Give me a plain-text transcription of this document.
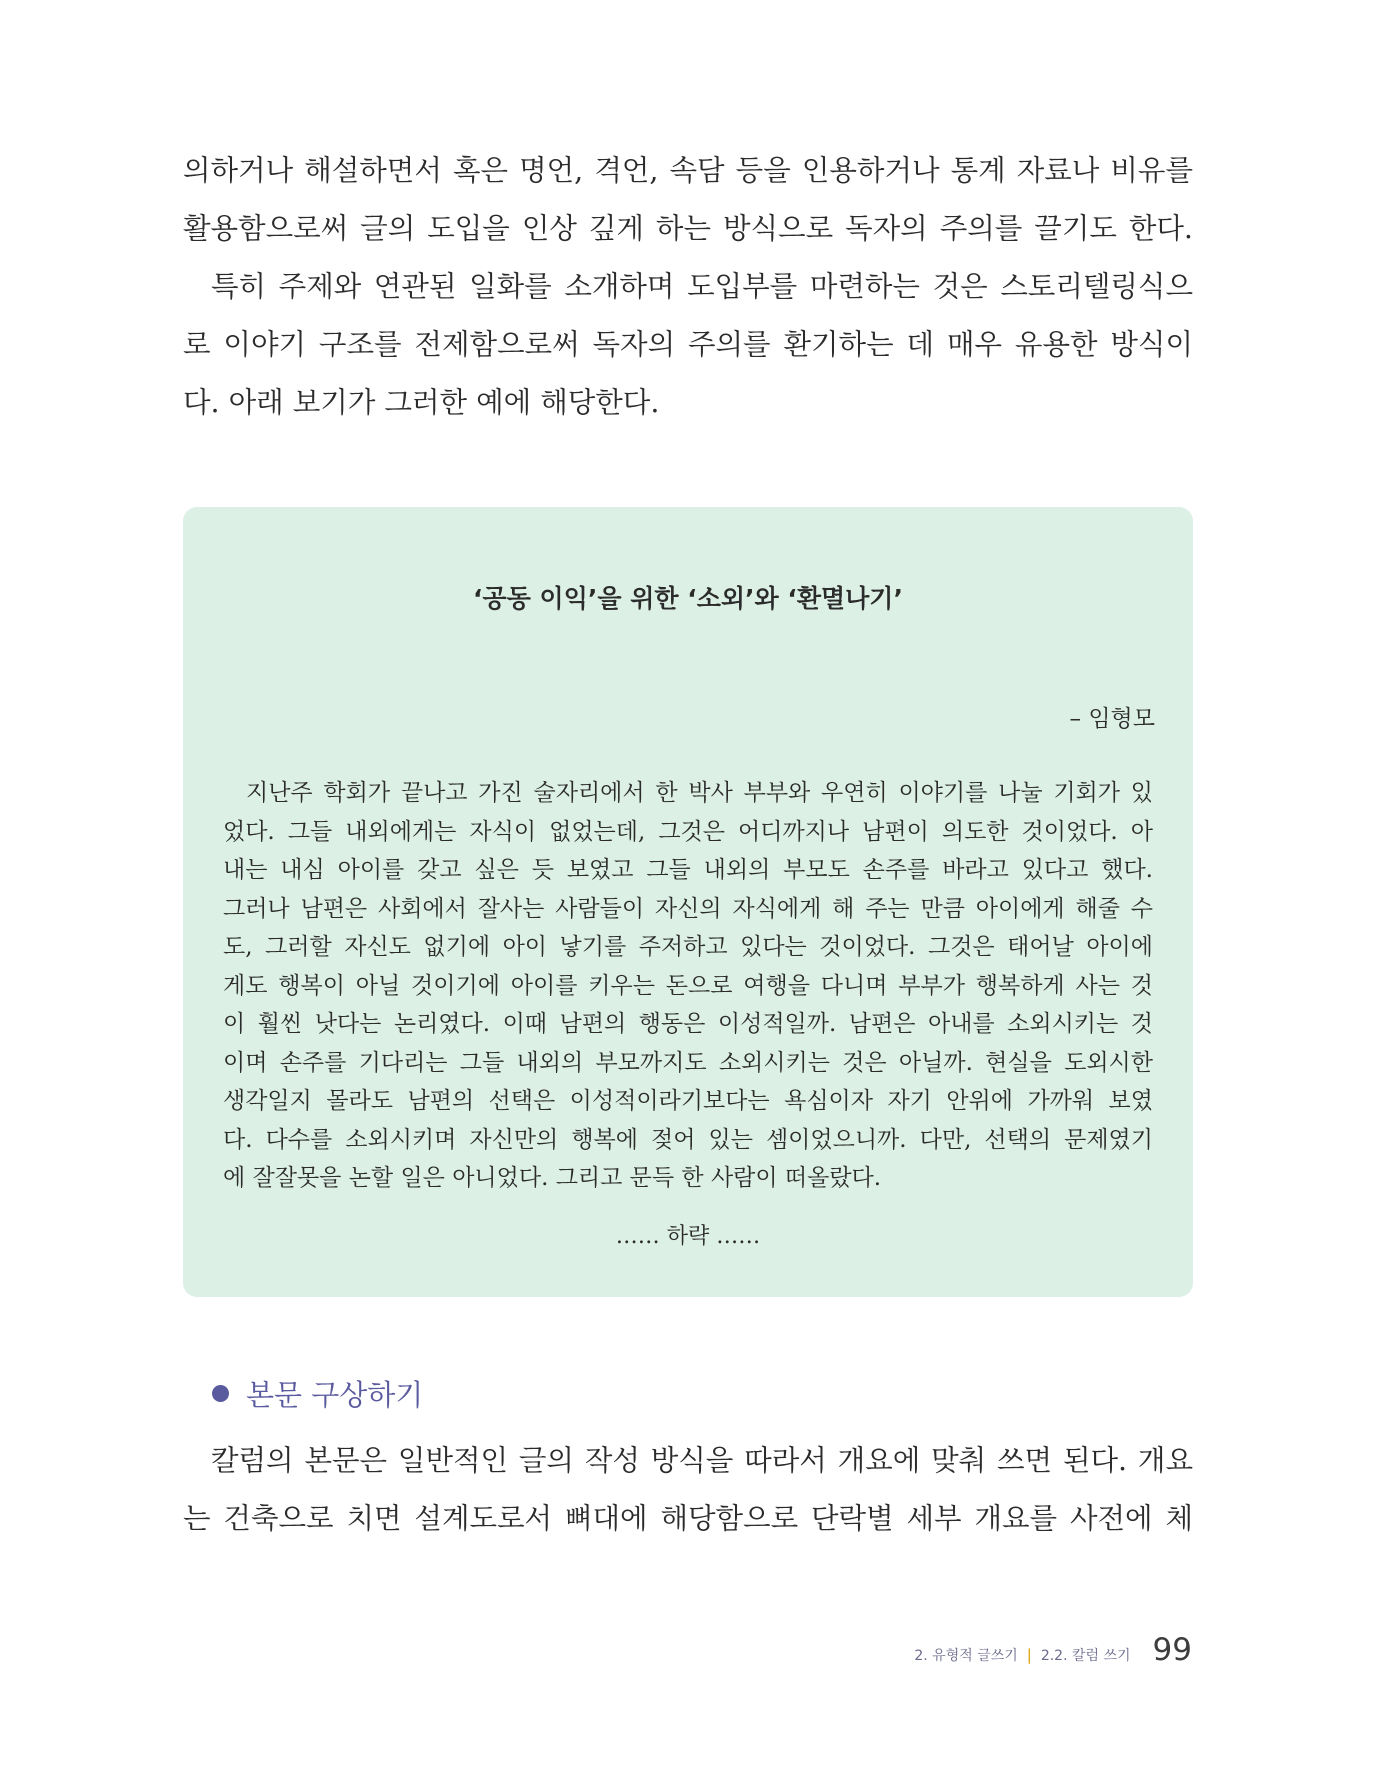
의하거나 해설하면서 혹은 명언, 격언, 속담 등을 인용하거나 통계 자료나 비유를

활용함으로써 글의 도입을 인상 깊게 하는 방식으로 독자의 주의를 끌기도 한다.

특히 주제와 연관된 일화를 소개하며 도입부를 마련하는 것은 스토리텔링식으

로 이야기 구조를 전제함으로써 독자의 주의를 환기하는 데 매우 유용한 방식이

다. 아래 보기가 그러한 예에 해당한다.

‘공동 이익’을 위한 ‘소외’와 ‘환멸나기’
– 임형모

지난주 학회가 끝나고 가진 술자리에서 한 박사 부부와 우연히 이야기를 나눌 기회가 있

었다. 그들 내외에게는 자식이 없었는데, 그것은 어디까지나 남편이 의도한 것이었다. 아

내는 내심 아이를 갖고 싶은 듯 보였고 그들 내외의 부모도 손주를 바라고 있다고 했다.

그러나 남편은 사회에서 잘사는 사람들이 자신의 자식에게 해 주는 만큼 아이에게 해줄 수

도, 그러할 자신도 없기에 아이 낳기를 주저하고 있다는 것이었다. 그것은 태어날 아이에

게도 행복이 아닐 것이기에 아이를 키우는 돈으로 여행을 다니며 부부가 행복하게 사는 것

이 훨씬 낫다는 논리였다. 이때 남편의 행동은 이성적일까. 남편은 아내를 소외시키는 것

이며 손주를 기다리는 그들 내외의 부모까지도 소외시키는 것은 아닐까. 현실을 도외시한

생각일지 몰라도 남편의 선택은 이성적이라기보다는 욕심이자 자기 안위에 가까워 보였

다. 다수를 소외시키며 자신만의 행복에 젖어 있는 셈이었으니까. 다만, 선택의 문제였기

에 잘잘못을 논할 일은 아니었다. 그리고 문득 한 사람이 떠올랐다.

…… 하략 ……
본문 구상하기

칼럼의 본문은 일반적인 글의 작성 방식을 따라서 개요에 맞춰 쓰면 된다. 개요

는 건축으로 치면 설계도로서 뼈대에 해당함으로 단락별 세부 개요를 사전에 체

2. 유형적 글쓰기 | 2.2. 칼럼 쓰기 99
